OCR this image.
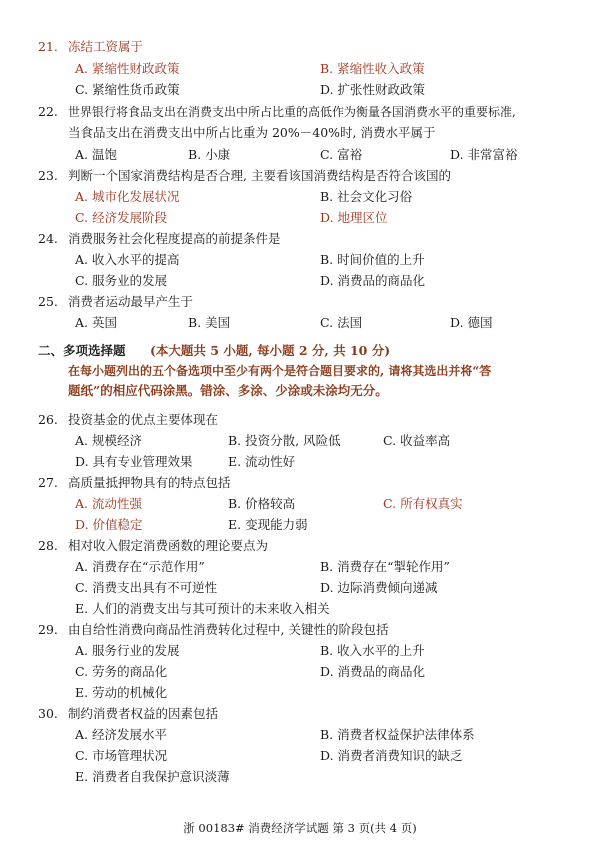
21. 冻结工资属于
A. 紧缩性财政政策	B. 紧缩性收入政策
C. 紧缩性货币政策	D. 扩张性财政政策
22. 世界银行将食品支出在消费支出中所占比重的高低作为衡量各国消费水平的重要标准,
当食品支出在消费支出中所占比重为 20%－40%时, 消费水平属于
A. 温饱	B. 小康	C. 富裕	D. 非常富裕
23. 判断一个国家消费结构是否合理, 主要看该国消费结构是否符合该国的
A. 城市化发展状况	B. 社会文化习俗
C. 经济发展阶段	D. 地理区位
24. 消费服务社会化程度提高的前提条件是
A. 收入水平的提高	B. 时间价值的上升
C. 服务业的发展	D. 消费品的商品化
25. 消费者运动最早产生于
A. 英国	B. 美国	C. 法国	D. 德国
二、多项选择题 (本大题共 5 小题, 每小题 2 分, 共 10 分)
在每小题列出的五个备选项中至少有两个是符合题目要求的, 请将其选出并将“答
题纸”的相应代码涂黑。错涂、多涂、少涂或未涂均无分。
26. 投资基金的优点主要体现在
A. 规模经济	B. 投资分散, 风险低	C. 收益率高
D. 具有专业管理效果	E. 流动性好
27. 高质量抵押物具有的特点包括
A. 流动性强	B. 价格较高	C. 所有权真实
D. 价值稳定	E. 变现能力弱
28. 相对收入假定消费函数的理论要点为
A. 消费存在“示范作用”	B. 消费存在“掣轮作用”
C. 消费支出具有不可逆性	D. 边际消费倾向递减
E. 人们的消费支出与其可预计的未来收入相关
29. 由自给性消费向商品性消费转化过程中, 关键性的阶段包括
A. 服务行业的发展	B. 收入水平的上升
C. 劳务的商品化	D. 消费品的商品化
E. 劳动的机械化
30. 制约消费者权益的因素包括
A. 经济发展水平	B. 消费者权益保护法律体系
C. 市场管理状况	D. 消费者消费知识的缺乏
E. 消费者自我保护意识淡薄
浙 00183# 消费经济学试题 第 3 页(共 4 页)
